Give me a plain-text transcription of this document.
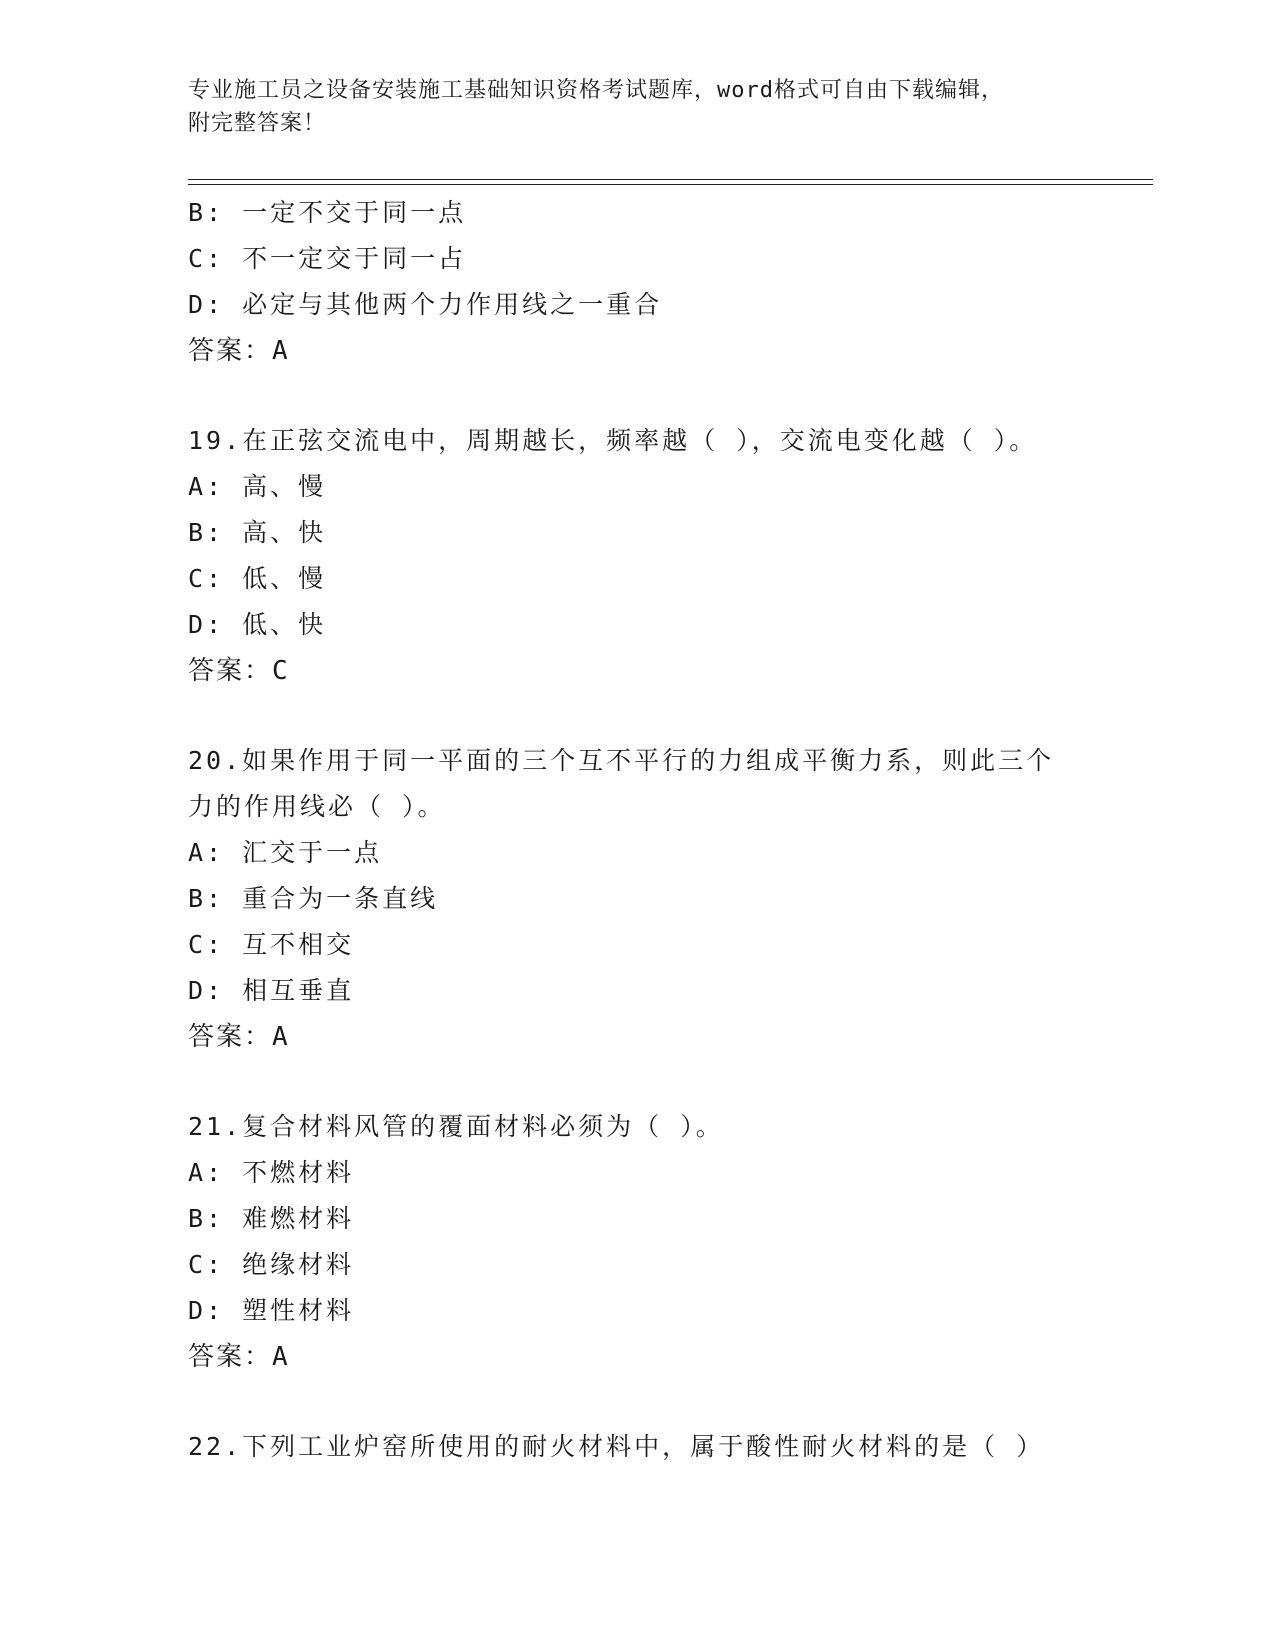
专业施工员之设备安装施工基础知识资格考试题库，word格式可自由下载编辑，
附完整答案！
B: 一定不交于同一点
C: 不一定交于同一占
D: 必定与其他两个力作用线之一重合
答案：A
19.在正弦交流电中，周期越长，频率越（ ），交流电变化越（ ）。
A: 高、慢
B: 高、快
C: 低、慢
D: 低、快
答案：C
20.如果作用于同一平面的三个互不平行的力组成平衡力系，则此三个
力的作用线必（ ）。
A: 汇交于一点
B: 重合为一条直线
C: 互不相交
D: 相互垂直
答案：A
21.复合材料风管的覆面材料必须为（ ）。
A: 不燃材料
B: 难燃材料
C: 绝缘材料
D: 塑性材料
答案：A
22.下列工业炉窑所使用的耐火材料中，属于酸性耐火材料的是（ ）
